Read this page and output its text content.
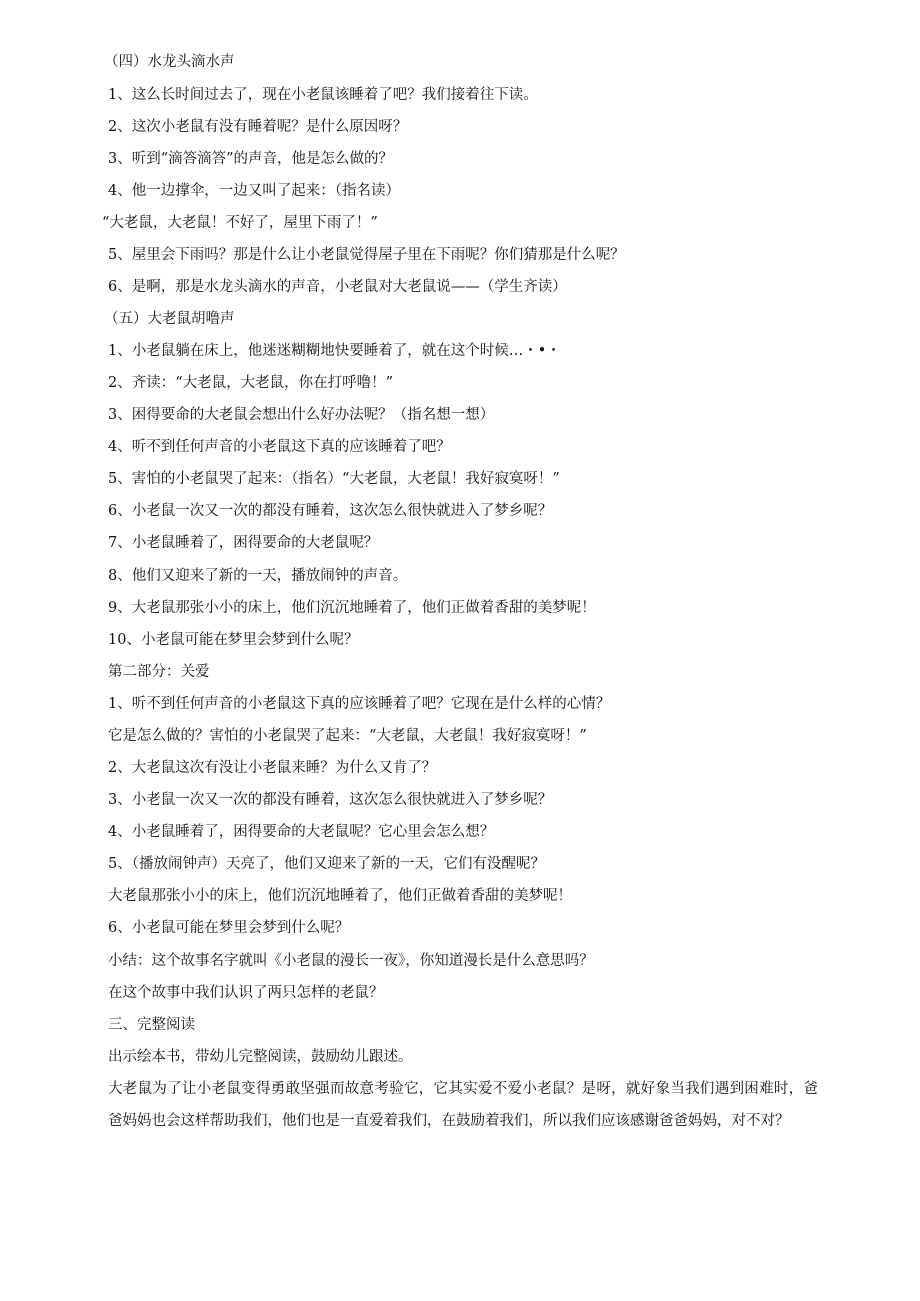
（四）水龙头滴水声
1、这么长时间过去了，现在小老鼠该睡着了吧？我们接着往下读。
2、这次小老鼠有没有睡着呢？是什么原因呀？
3、听到“滴答滴答”的声音，他是怎么做的？
4、他一边撑伞，一边又叫了起来：（指名读）
“大老鼠，大老鼠！不好了，屋里下雨了！”
5、屋里会下雨吗？那是什么让小老鼠觉得屋子里在下雨呢？你们猜那是什么呢？
6、是啊，那是水龙头滴水的声音，小老鼠对大老鼠说——（学生齐读）
（五）大老鼠胡噜声
1、小老鼠躺在床上，他迷迷糊糊地快要睡着了，就在这个时候…・•・
2、齐读：“大老鼠，大老鼠，你在打呼噜！”
3、困得要命的大老鼠会想出什么好办法呢？（指名想一想）
4、听不到任何声音的小老鼠这下真的应该睡着了吧？
5、害怕的小老鼠哭了起来：（指名）“大老鼠，大老鼠！我好寂寞呀！”
6、小老鼠一次又一次的都没有睡着，这次怎么很快就进入了梦乡呢？
7、小老鼠睡着了，困得要命的大老鼠呢？
8、他们又迎来了新的一天，播放闹钟的声音。
9、大老鼠那张小小的床上，他们沉沉地睡着了，他们正做着香甜的美梦呢！
10、小老鼠可能在梦里会梦到什么呢？
第二部分：关爱
1、听不到任何声音的小老鼠这下真的应该睡着了吧？它现在是什么样的心情？
它是怎么做的？害怕的小老鼠哭了起来：“大老鼠，大老鼠！我好寂寞呀！”
2、大老鼠这次有没让小老鼠来睡？为什么又肯了？
3、小老鼠一次又一次的都没有睡着，这次怎么很快就进入了梦乡呢？
4、小老鼠睡着了，困得要命的大老鼠呢？它心里会怎么想？
5、（播放闹钟声）天亮了，他们又迎来了新的一天，它们有没醒呢？
大老鼠那张小小的床上，他们沉沉地睡着了，他们正做着香甜的美梦呢！
6、小老鼠可能在梦里会梦到什么呢？
小结：这个故事名字就叫《小老鼠的漫长一夜》，你知道漫长是什么意思吗？
在这个故事中我们认识了两只怎样的老鼠？
三、完整阅读
出示绘本书，带幼儿完整阅读，鼓励幼儿跟述。
大老鼠为了让小老鼠变得勇敢坚强而故意考验它，它其实爱不爱小老鼠？是呀，就好象当我们遇到困难时，爸爸妈妈也会这样帮助我们，他们也是一直爱着我们，在鼓励着我们，所以我们应该感谢爸爸妈妈，对不对？
